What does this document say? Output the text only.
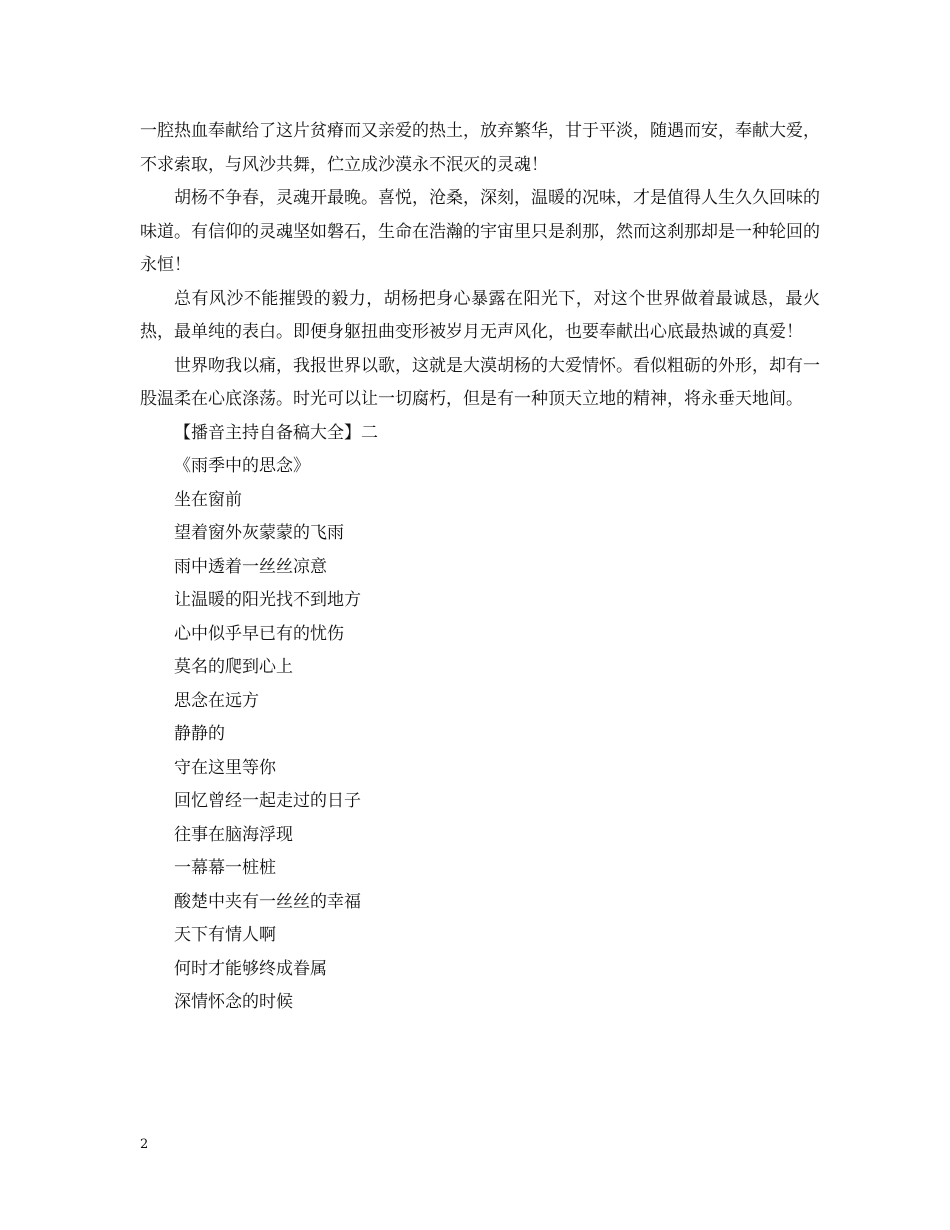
一腔热血奉献给了这片贫瘠而又亲爱的热土，放弃繁华，甘于平淡，随遇而安，奉献大爱，不求索取，与风沙共舞，伫立成沙漠永不泯灭的灵魂！

胡杨不争春，灵魂开最晚。喜悦，沧桑，深刻，温暖的况味，才是值得人生久久回味的味道。有信仰的灵魂坚如磐石，生命在浩瀚的宇宙里只是刹那，然而这刹那却是一种轮回的永恒！

总有风沙不能摧毁的毅力，胡杨把身心暴露在阳光下，对这个世界做着最诚恳，最火热，最单纯的表白。即便身躯扭曲变形被岁月无声风化，也要奉献出心底最热诚的真爱！

世界吻我以痛，我报世界以歌，这就是大漠胡杨的大爱情怀。看似粗砺的外形，却有一股温柔在心底涤荡。时光可以让一切腐朽，但是有一种顶天立地的精神，将永垂天地间。

【播音主持自备稿大全】二

《雨季中的思念》

坐在窗前

望着窗外灰蒙蒙的飞雨

雨中透着一丝丝凉意

让温暖的阳光找不到地方

心中似乎早已有的忧伤

莫名的爬到心上

思念在远方

静静的

守在这里等你

回忆曾经一起走过的日子

往事在脑海浮现

一幕幕一桩桩

酸楚中夹有一丝丝的幸福

天下有情人啊

何时才能够终成眷属

深情怀念的时候

2
